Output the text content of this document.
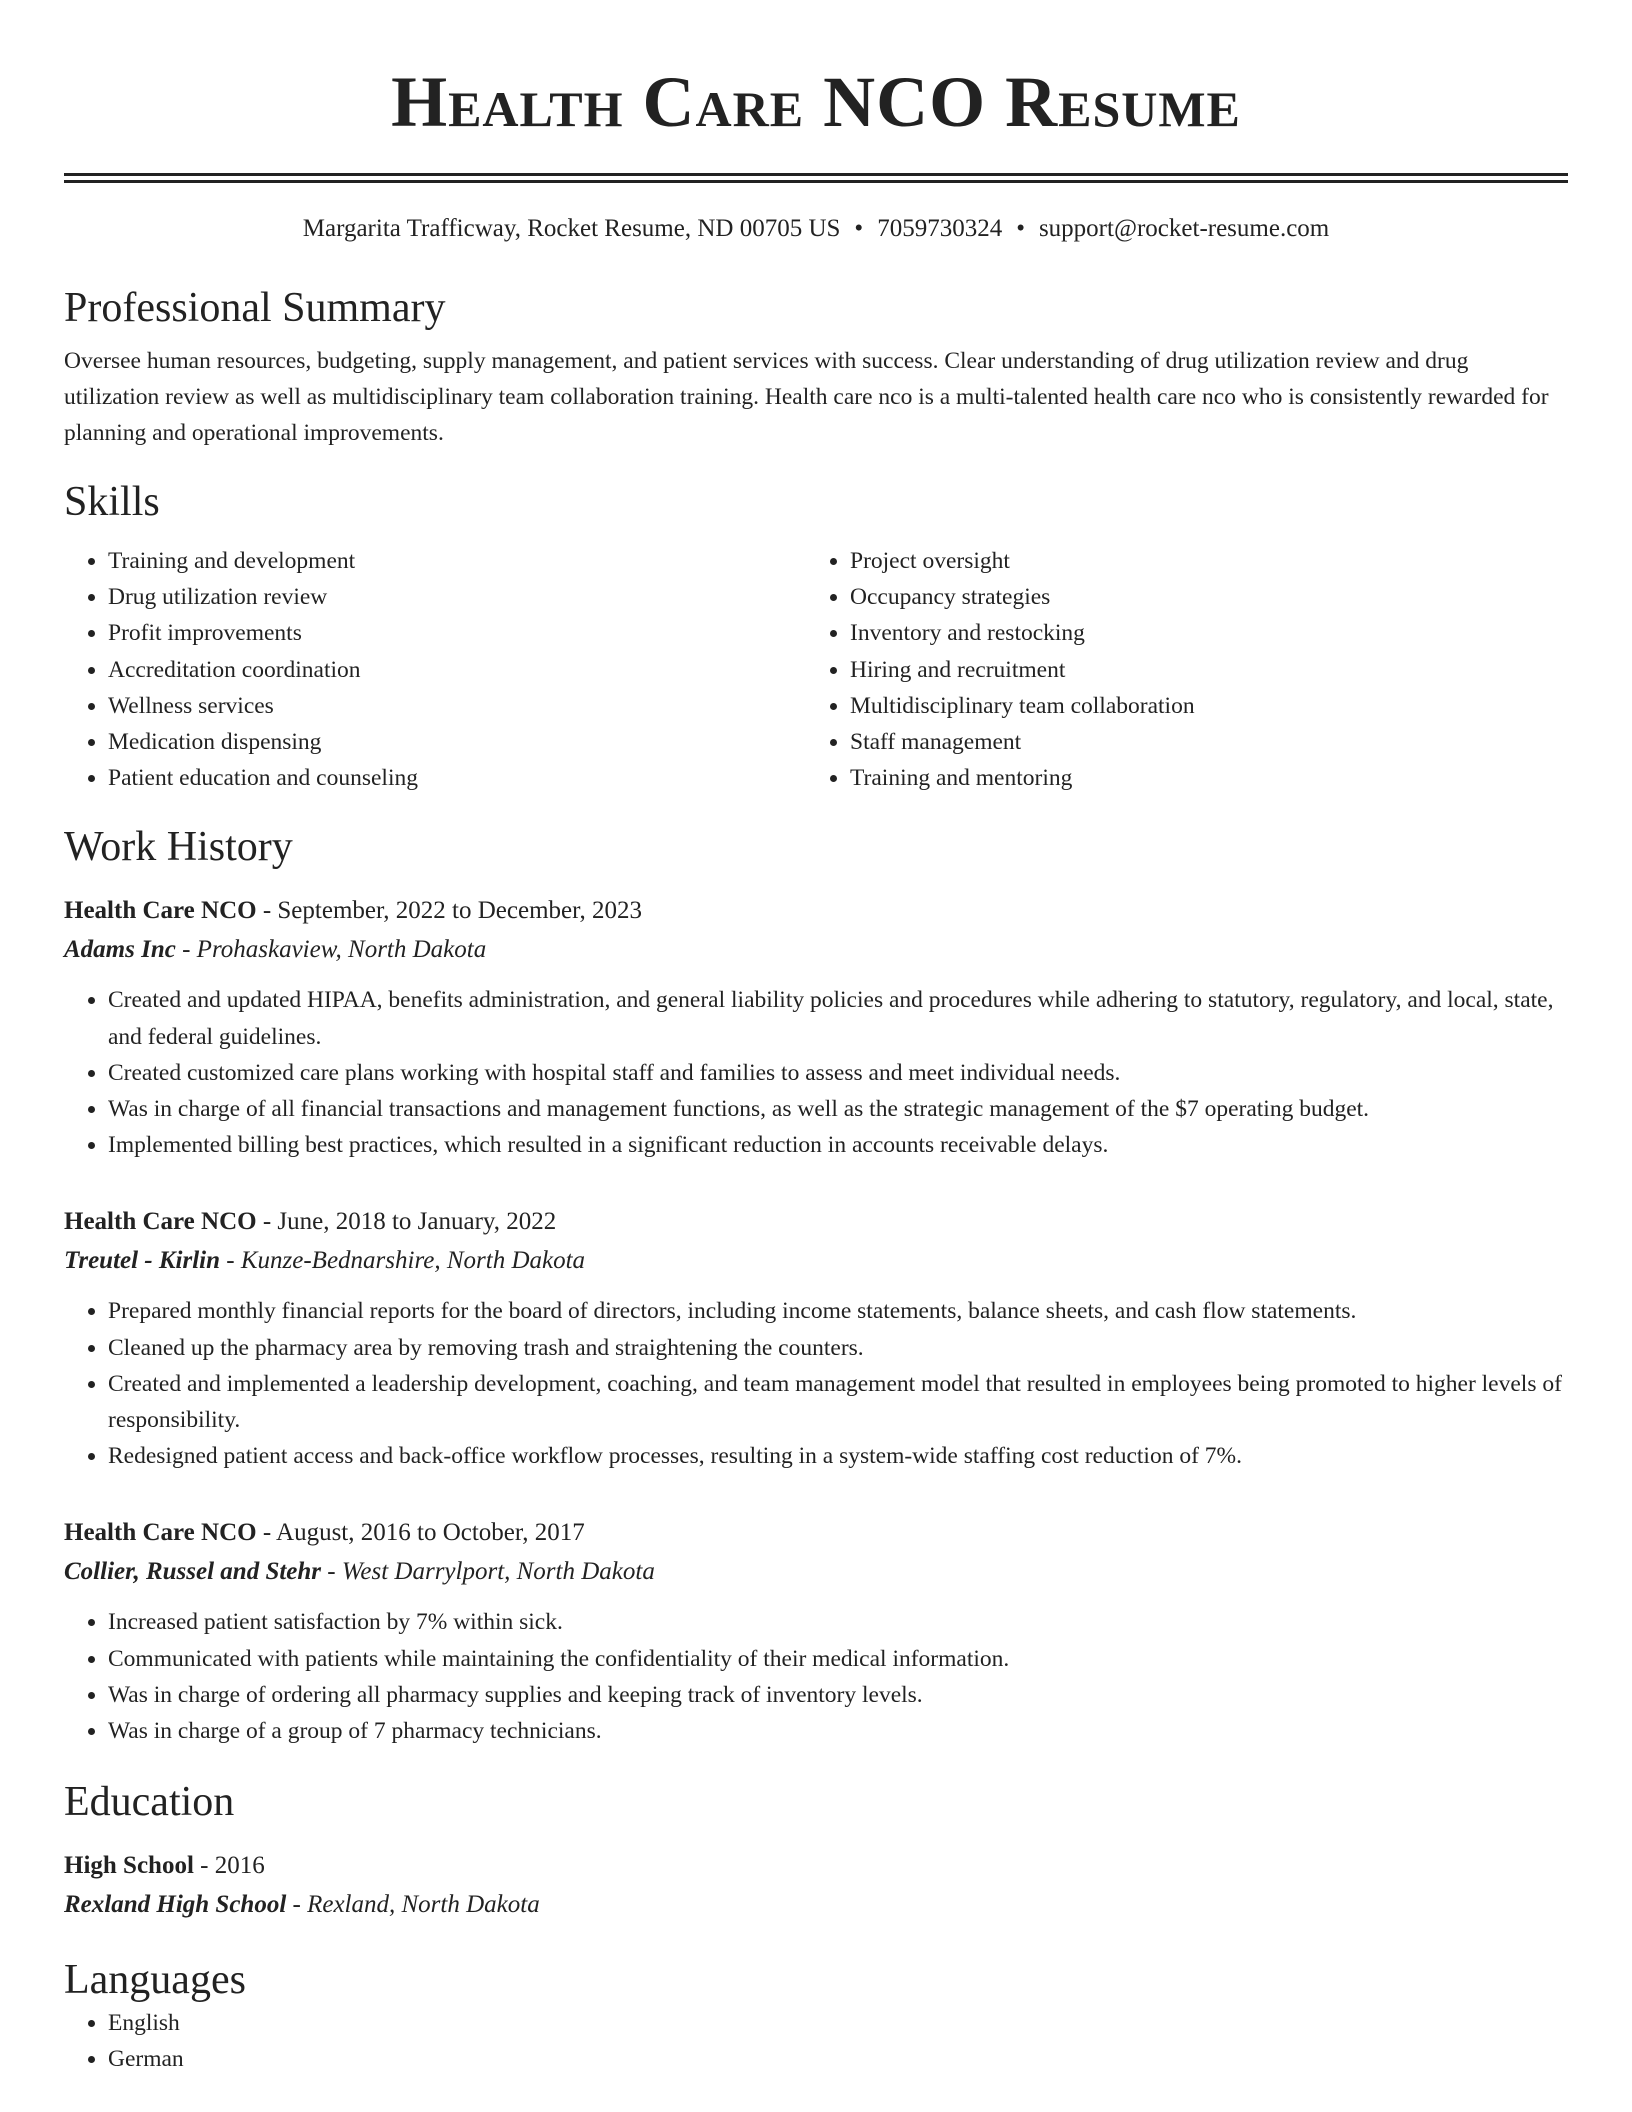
Health Care NCO Resume
Margarita Trafficway, Rocket Resume, ND 00705 US • 7059730324 • support@rocket-resume.com
Professional Summary

Oversee human resources, budgeting, supply management, and patient services with success. Clear understanding of drug utilization review and drug utilization review as well as multidisciplinary team collaboration training. Health care nco is a multi-talented health care nco who is consistently rewarded for planning and operational improvements.

Skills
• Training and development
• Drug utilization review
• Profit improvements
• Accreditation coordination
• Wellness services
• Medication dispensing
• Patient education and counseling
• Project oversight
• Occupancy strategies
• Inventory and restocking
• Hiring and recruitment
• Multidisciplinary team collaboration
• Staff management
• Training and mentoring
Work History
Health Care NCO - September, 2022 to December, 2023
Adams Inc - Prohaskaview, North Dakota
• Created and updated HIPAA, benefits administration, and general liability policies and procedures while adhering to statutory, regulatory, and local, state, and federal guidelines.
• Created customized care plans working with hospital staff and families to assess and meet individual needs.
• Was in charge of all financial transactions and management functions, as well as the strategic management of the $7 operating budget.
• Implemented billing best practices, which resulted in a significant reduction in accounts receivable delays.
Health Care NCO - June, 2018 to January, 2022
Treutel - Kirlin - Kunze-Bednarshire, North Dakota
• Prepared monthly financial reports for the board of directors, including income statements, balance sheets, and cash flow statements.
• Cleaned up the pharmacy area by removing trash and straightening the counters.
• Created and implemented a leadership development, coaching, and team management model that resulted in employees being promoted to higher levels of responsibility.
• Redesigned patient access and back-office workflow processes, resulting in a system-wide staffing cost reduction of 7%.
Health Care NCO - August, 2016 to October, 2017
Collier, Russel and Stehr - West Darrylport, North Dakota
• Increased patient satisfaction by 7% within sick.
• Communicated with patients while maintaining the confidentiality of their medical information.
• Was in charge of ordering all pharmacy supplies and keeping track of inventory levels.
• Was in charge of a group of 7 pharmacy technicians.
Education
High School - 2016
Rexland High School - Rexland, North Dakota
Languages
• English
• German
